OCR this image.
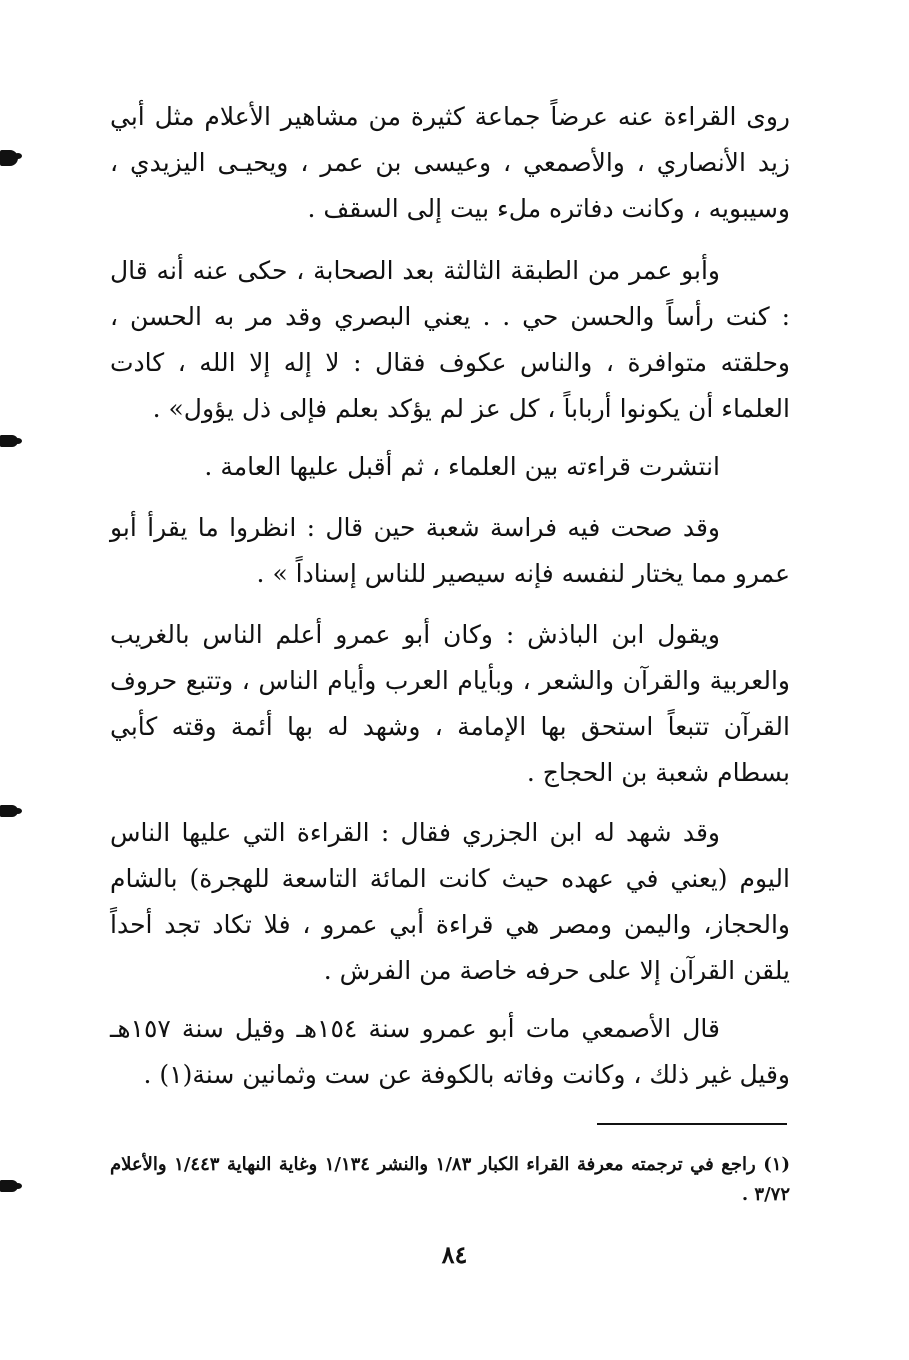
روى القراءة عنه عرضاً جماعة كثيرة من مشاهير الأعلام مثل أبي زيد الأنصاري ، والأصمعي ، وعيسى بن عمر ، ويحيـى اليزيدي ، وسيبويه ، وكانت دفاتره ملء بيت إلى السقف .

وأبو عمر من الطبقة الثالثة بعد الصحابة ، حكى عنه أنه قال : كنت رأساً والحسن حي . . يعني البصري وقد مر به الحسن ، وحلقته متوافرة ، والناس عكوف فقال : لا إله إلا الله ، كادت العلماء أن يكونوا أرباباً ، كل عز لم يؤكد بعلم فإلى ذل يؤول» .

انتشرت قراءته بين العلماء ، ثم أقبل عليها العامة .

وقد صحت فيه فراسة شعبة حين قال : انظروا ما يقرأ أبو عمرو مما يختار لنفسه فإنه سيصير للناس إسناداً » .

ويقول ابن الباذش : وكان أبو عمرو أعلم الناس بالغريب والعربية والقرآن والشعر ، وبأيام العرب وأيام الناس ، وتتبع حروف القرآن تتبعاً استحق بها الإمامة ، وشهد له بها أئمة وقته كأبي بسطام شعبة بن الحجاج .

وقد شهد له ابن الجزري فقال : القراءة التي عليها الناس اليوم (يعني في عهده حيث كانت المائة التاسعة للهجرة) بالشام والحجاز، واليمن ومصر هي قراءة أبي عمرو ، فلا تكاد تجد أحداً يلقن القرآن إلا على حرفه خاصة من الفرش .

قال الأصمعي مات أبو عمرو سنة ١٥٤هـ وقيل سنة ١٥٧هـ وقيل غير ذلك ، وكانت وفاته بالكوفة عن ست وثمانين سنة(١) .

(١) راجع في ترجمته معرفة القراء الكبار ١/٨٣ والنشر ١/١٣٤ وغاية النهاية ١/٤٤٣ والأعلام ٣/٧٢ .

٨٤
